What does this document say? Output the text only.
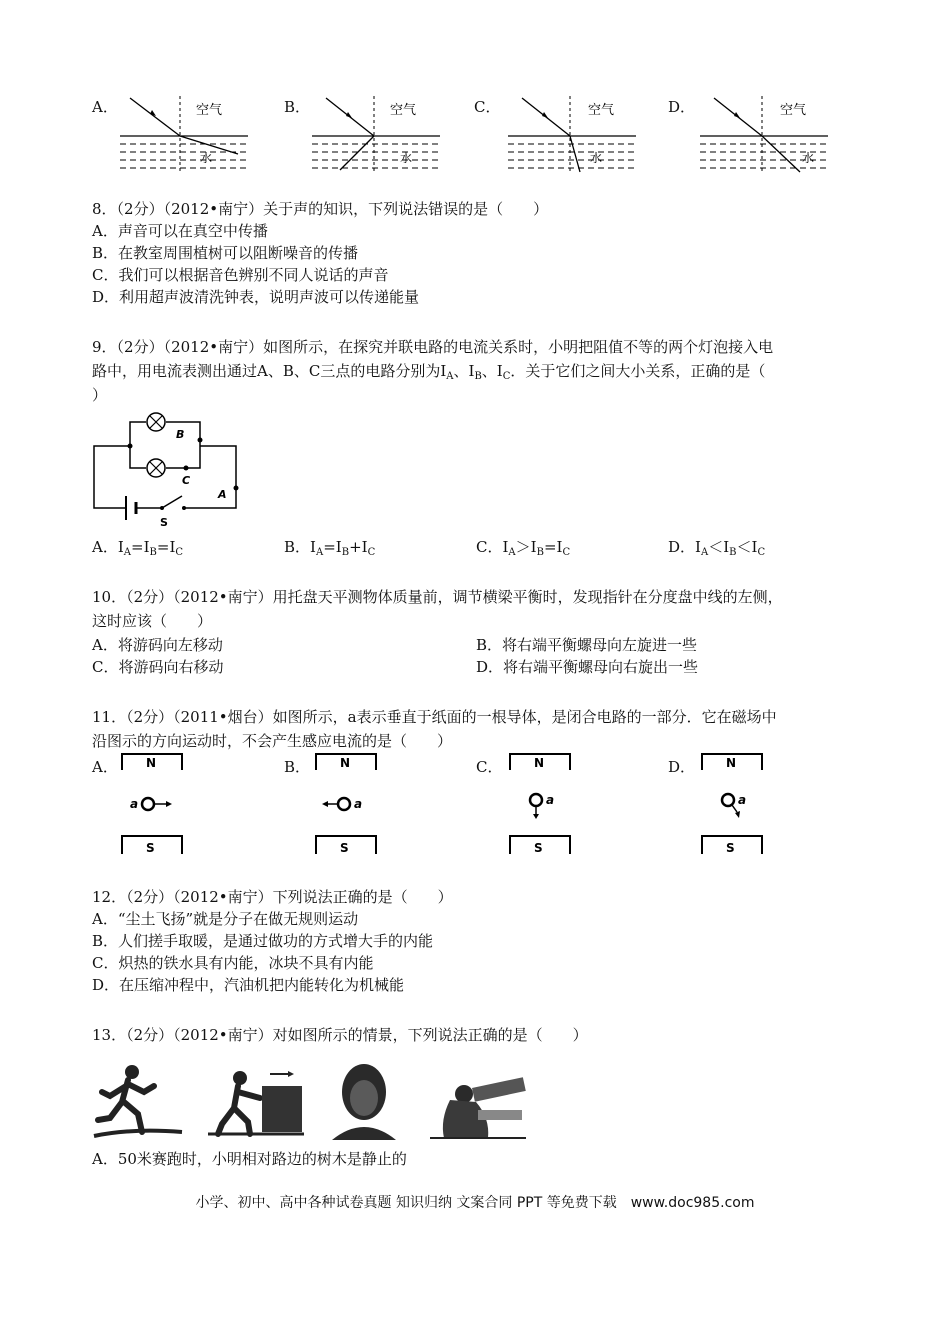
A．	空气
水
B．	空气
水
C．	空气
水
D．	空气
水
8．（2分）（2012•南宁）关于声的知识，下列说法错误的是（　　）
A．声音可以在真空中传播
B．在教室周围植树可以阻断噪音的传播
C．我们可以根据音色辨别不同人说话的声音
D．利用超声波清洗钟表，说明声波可以传递能量
9．（2分）（2012•南宁）如图所示，在探究并联电路的电流关系时，小明把阻值不等的两个灯泡接入电
路中，用电流表测出通过A、B、C三点的电路分别为$I_A$、$I_B$、$I_C$．关于它们之间大小关系，正确的是（
）
B
C
A
S
A．$I_A=I_B=I_C$	B．$I_A=I_B+I_C$	C．$I_A>I_B=I_C$	D．$I_A<I_B<I_C$
10．（2分）（2012•南宁）用托盘天平测物体质量前，调节横梁平衡时，发现指针在分度盘中线的左侧，
这时应该（　　）
A．将游码向左移动	B．将右端平衡螺母向左旋进一些
C．将游码向右移动	D．将右端平衡螺母向右旋出一些
11．（2分）（2011•烟台）如图所示，a表示垂直于纸面的一根导体，是闭合电路的一部分．它在磁场中
沿图示的方向运动时，不会产生感应电流的是（　　）
A． N
a
S
B． N
a
S
C．	N
a
S
D．	N
a
S
12．（2分）（2012•南宁）下列说法正确的是（　　）
A．“尘土飞扬”就是分子在做无规则运动
B．人们搓手取暖，是通过做功的方式增大手的内能
C．炽热的铁水具有内能，冰块不具有内能
D．在压缩冲程中，汽油机把内能转化为机械能
13．（2分）（2012•南宁）对如图所示的情景，下列说法正确的是（　　）
A．50米赛跑时，小明相对路边的树木是静止的
小学、初中、高中各种试卷真题 知识归纳 文案合同 PPT 等免费下载　www.doc985.com
